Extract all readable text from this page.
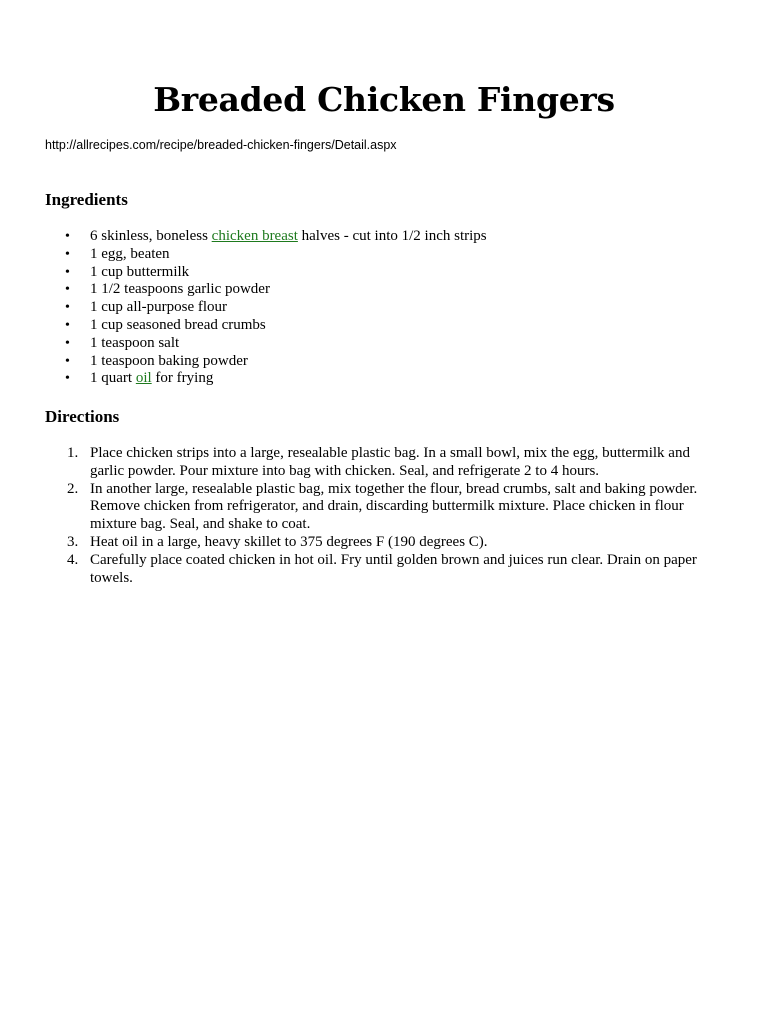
Breaded Chicken Fingers

http://allrecipes.com/recipe/breaded-chicken-fingers/Detail.aspx

Ingredients
• 6 skinless, boneless chicken breast halves - cut into 1/2 inch strips
• 1 egg, beaten
• 1 cup buttermilk
• 1 1/2 teaspoons garlic powder
• 1 cup all-purpose flour
• 1 cup seasoned bread crumbs
• 1 teaspoon salt
• 1 teaspoon baking powder
• 1 quart oil for frying
Directions
1. Place chicken strips into a large, resealable plastic bag. In a small bowl, mix the egg, buttermilk and garlic powder. Pour mixture into bag with chicken. Seal, and refrigerate 2 to 4 hours.
2. In another large, resealable plastic bag, mix together the flour, bread crumbs, salt and baking powder. Remove chicken from refrigerator, and drain, discarding buttermilk mixture. Place chicken in flour mixture bag. Seal, and shake to coat.
3. Heat oil in a large, heavy skillet to 375 degrees F (190 degrees C).
4. Carefully place coated chicken in hot oil. Fry until golden brown and juices run clear. Drain on paper towels.
